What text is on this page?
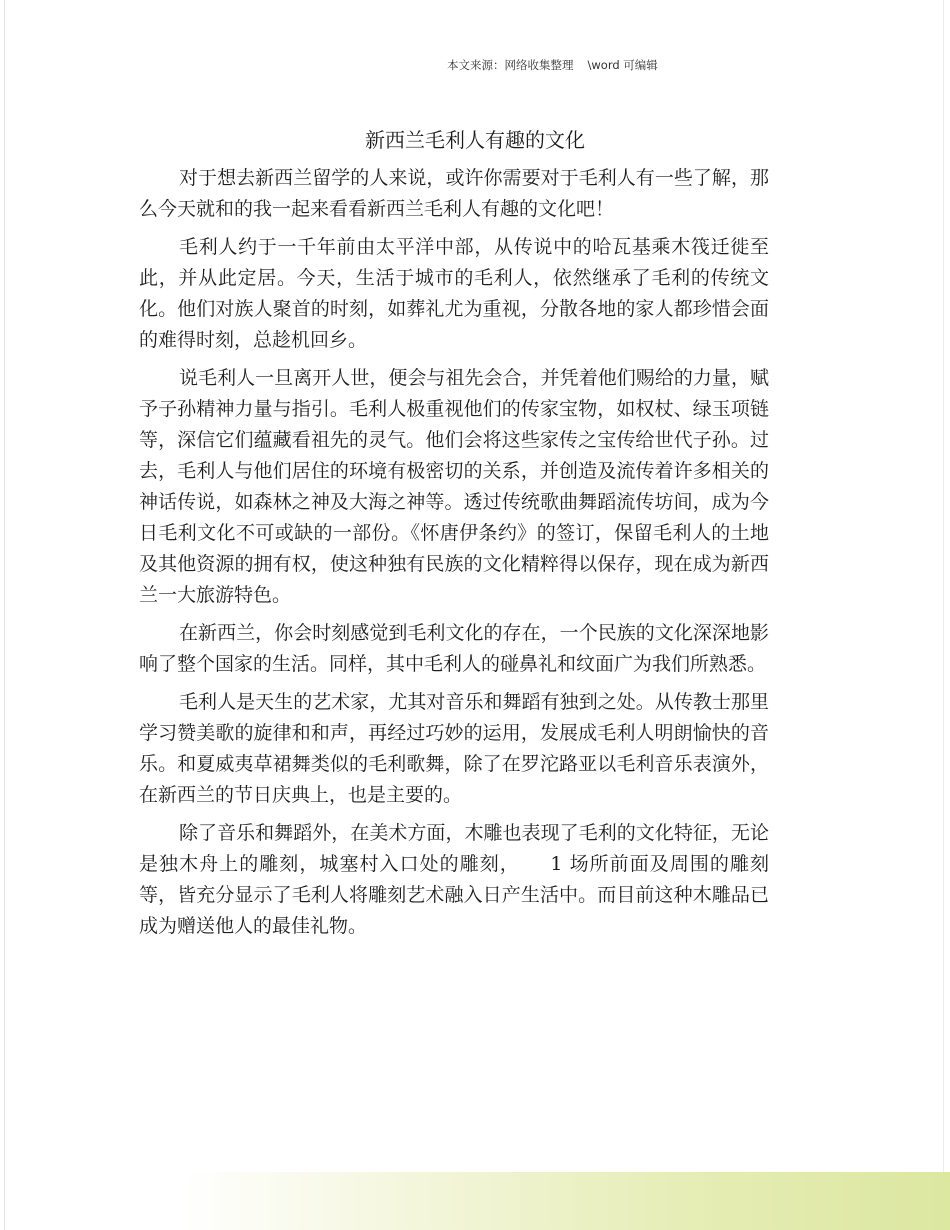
本文来源：网络收集整理 \word 可编辑
新西兰毛利人有趣的文化

对于想去新西兰留学的人来说，或许你需要对于毛利人有一些了解，那么今天就和的我一起来看看新西兰毛利人有趣的文化吧！

毛利人约于一千年前由太平洋中部，从传说中的哈瓦基乘木筏迁徙至此，并从此定居。今天，生活于城市的毛利人，依然继承了毛利的传统文化。他们对族人聚首的时刻，如葬礼尤为重视，分散各地的家人都珍惜会面的难得时刻，总趁机回乡。

说毛利人一旦离开人世，便会与祖先会合，并凭着他们赐给的力量，赋予子孙精神力量与指引。毛利人极重视他们的传家宝物，如权杖、绿玉项链等，深信它们蕴藏看祖先的灵气。他们会将这些家传之宝传给世代子孙。过去，毛利人与他们居住的环境有极密切的关系，并创造及流传着许多相关的神话传说，如森林之神及大海之神等。透过传统歌曲舞蹈流传坊间，成为今日毛利文化不可或缺的一部份。《怀唐伊条约》的签订，保留毛利人的土地及其他资源的拥有权，使这种独有民族的文化精粹得以保存，现在成为新西兰一大旅游特色。

在新西兰，你会时刻感觉到毛利文化的存在，一个民族的文化深深地影响了整个国家的生活。同样，其中毛利人的碰鼻礼和纹面广为我们所熟悉。

毛利人是天生的艺术家，尤其对音乐和舞蹈有独到之处。从传教士那里学习赞美歌的旋律和和声，再经过巧妙的运用，发展成毛利人明朗愉快的音乐。和夏威夷草裙舞类似的毛利歌舞，除了在罗沱路亚以毛利音乐表演外，在新西兰的节日庆典上，也是主要的。

除了音乐和舞蹈外，在美术方面，木雕也表现了毛利的文化特征，无论是独木舟上的雕刻，城塞村入口处的雕刻，　　1 场所前面及周围的雕刻等，皆充分显示了毛利人将雕刻艺术融入日产生活中。而目前这种木雕品已成为赠送他人的最佳礼物。
